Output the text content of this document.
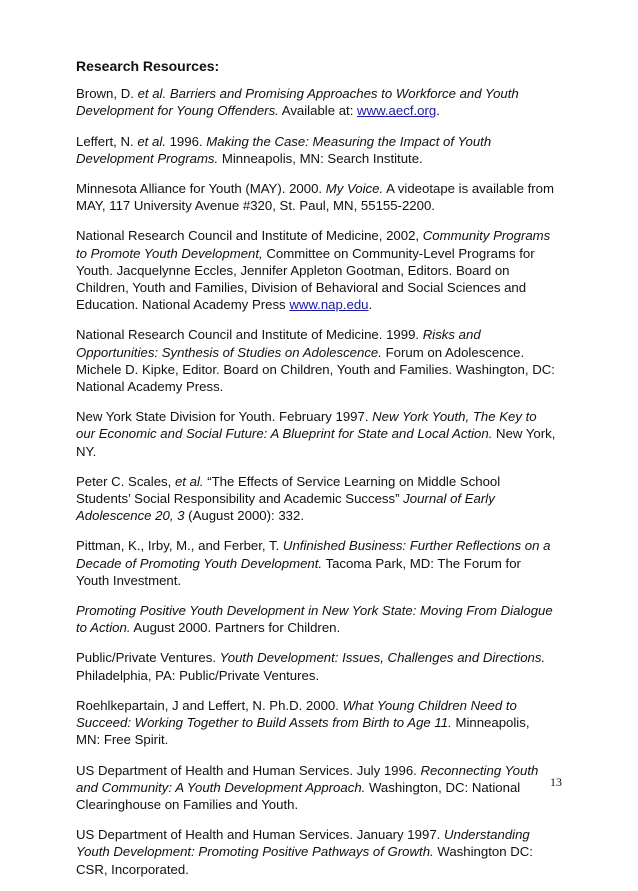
Research Resources:
Brown, D. et al. Barriers and Promising Approaches to Workforce and Youth Development for Young Offenders. Available at: www.aecf.org.
Leffert, N. et al. 1996. Making the Case: Measuring the Impact of Youth Development Programs. Minneapolis, MN: Search Institute.
Minnesota Alliance for Youth (MAY). 2000. My Voice. A videotape is available from MAY, 117 University Avenue #320, St. Paul, MN, 55155-2200.
National Research Council and Institute of Medicine, 2002, Community Programs to Promote Youth Development, Committee on Community-Level Programs for Youth. Jacquelynne Eccles, Jennifer Appleton Gootman, Editors. Board on Children, Youth and Families, Division of Behavioral and Social Sciences and Education. National Academy Press www.nap.edu.
National Research Council and Institute of Medicine. 1999. Risks and Opportunities: Synthesis of Studies on Adolescence. Forum on Adolescence. Michele D. Kipke, Editor. Board on Children, Youth and Families. Washington, DC: National Academy Press.
New York State Division for Youth. February 1997. New York Youth, The Key to our Economic and Social Future: A Blueprint for State and Local Action. New York, NY.
Peter C. Scales, et al. “The Effects of Service Learning on Middle School Students’ Social Responsibility and Academic Success” Journal of Early Adolescence 20, 3 (August 2000): 332.
Pittman, K., Irby, M., and Ferber, T. Unfinished Business: Further Reflections on a Decade of Promoting Youth Development. Tacoma Park, MD: The Forum for Youth Investment.
Promoting Positive Youth Development in New York State: Moving From Dialogue to Action. August 2000. Partners for Children.
Public/Private Ventures. Youth Development: Issues, Challenges and Directions. Philadelphia, PA: Public/Private Ventures.
Roehlkepartain, J and Leffert, N. Ph.D. 2000. What Young Children Need to Succeed: Working Together to Build Assets from Birth to Age 11. Minneapolis, MN: Free Spirit.
US Department of Health and Human Services. July 1996. Reconnecting Youth and Community: A Youth Development Approach. Washington, DC: National Clearinghouse on Families and Youth.
US Department of Health and Human Services. January 1997. Understanding Youth Development: Promoting Positive Pathways of Growth. Washington DC: CSR, Incorporated.
13
